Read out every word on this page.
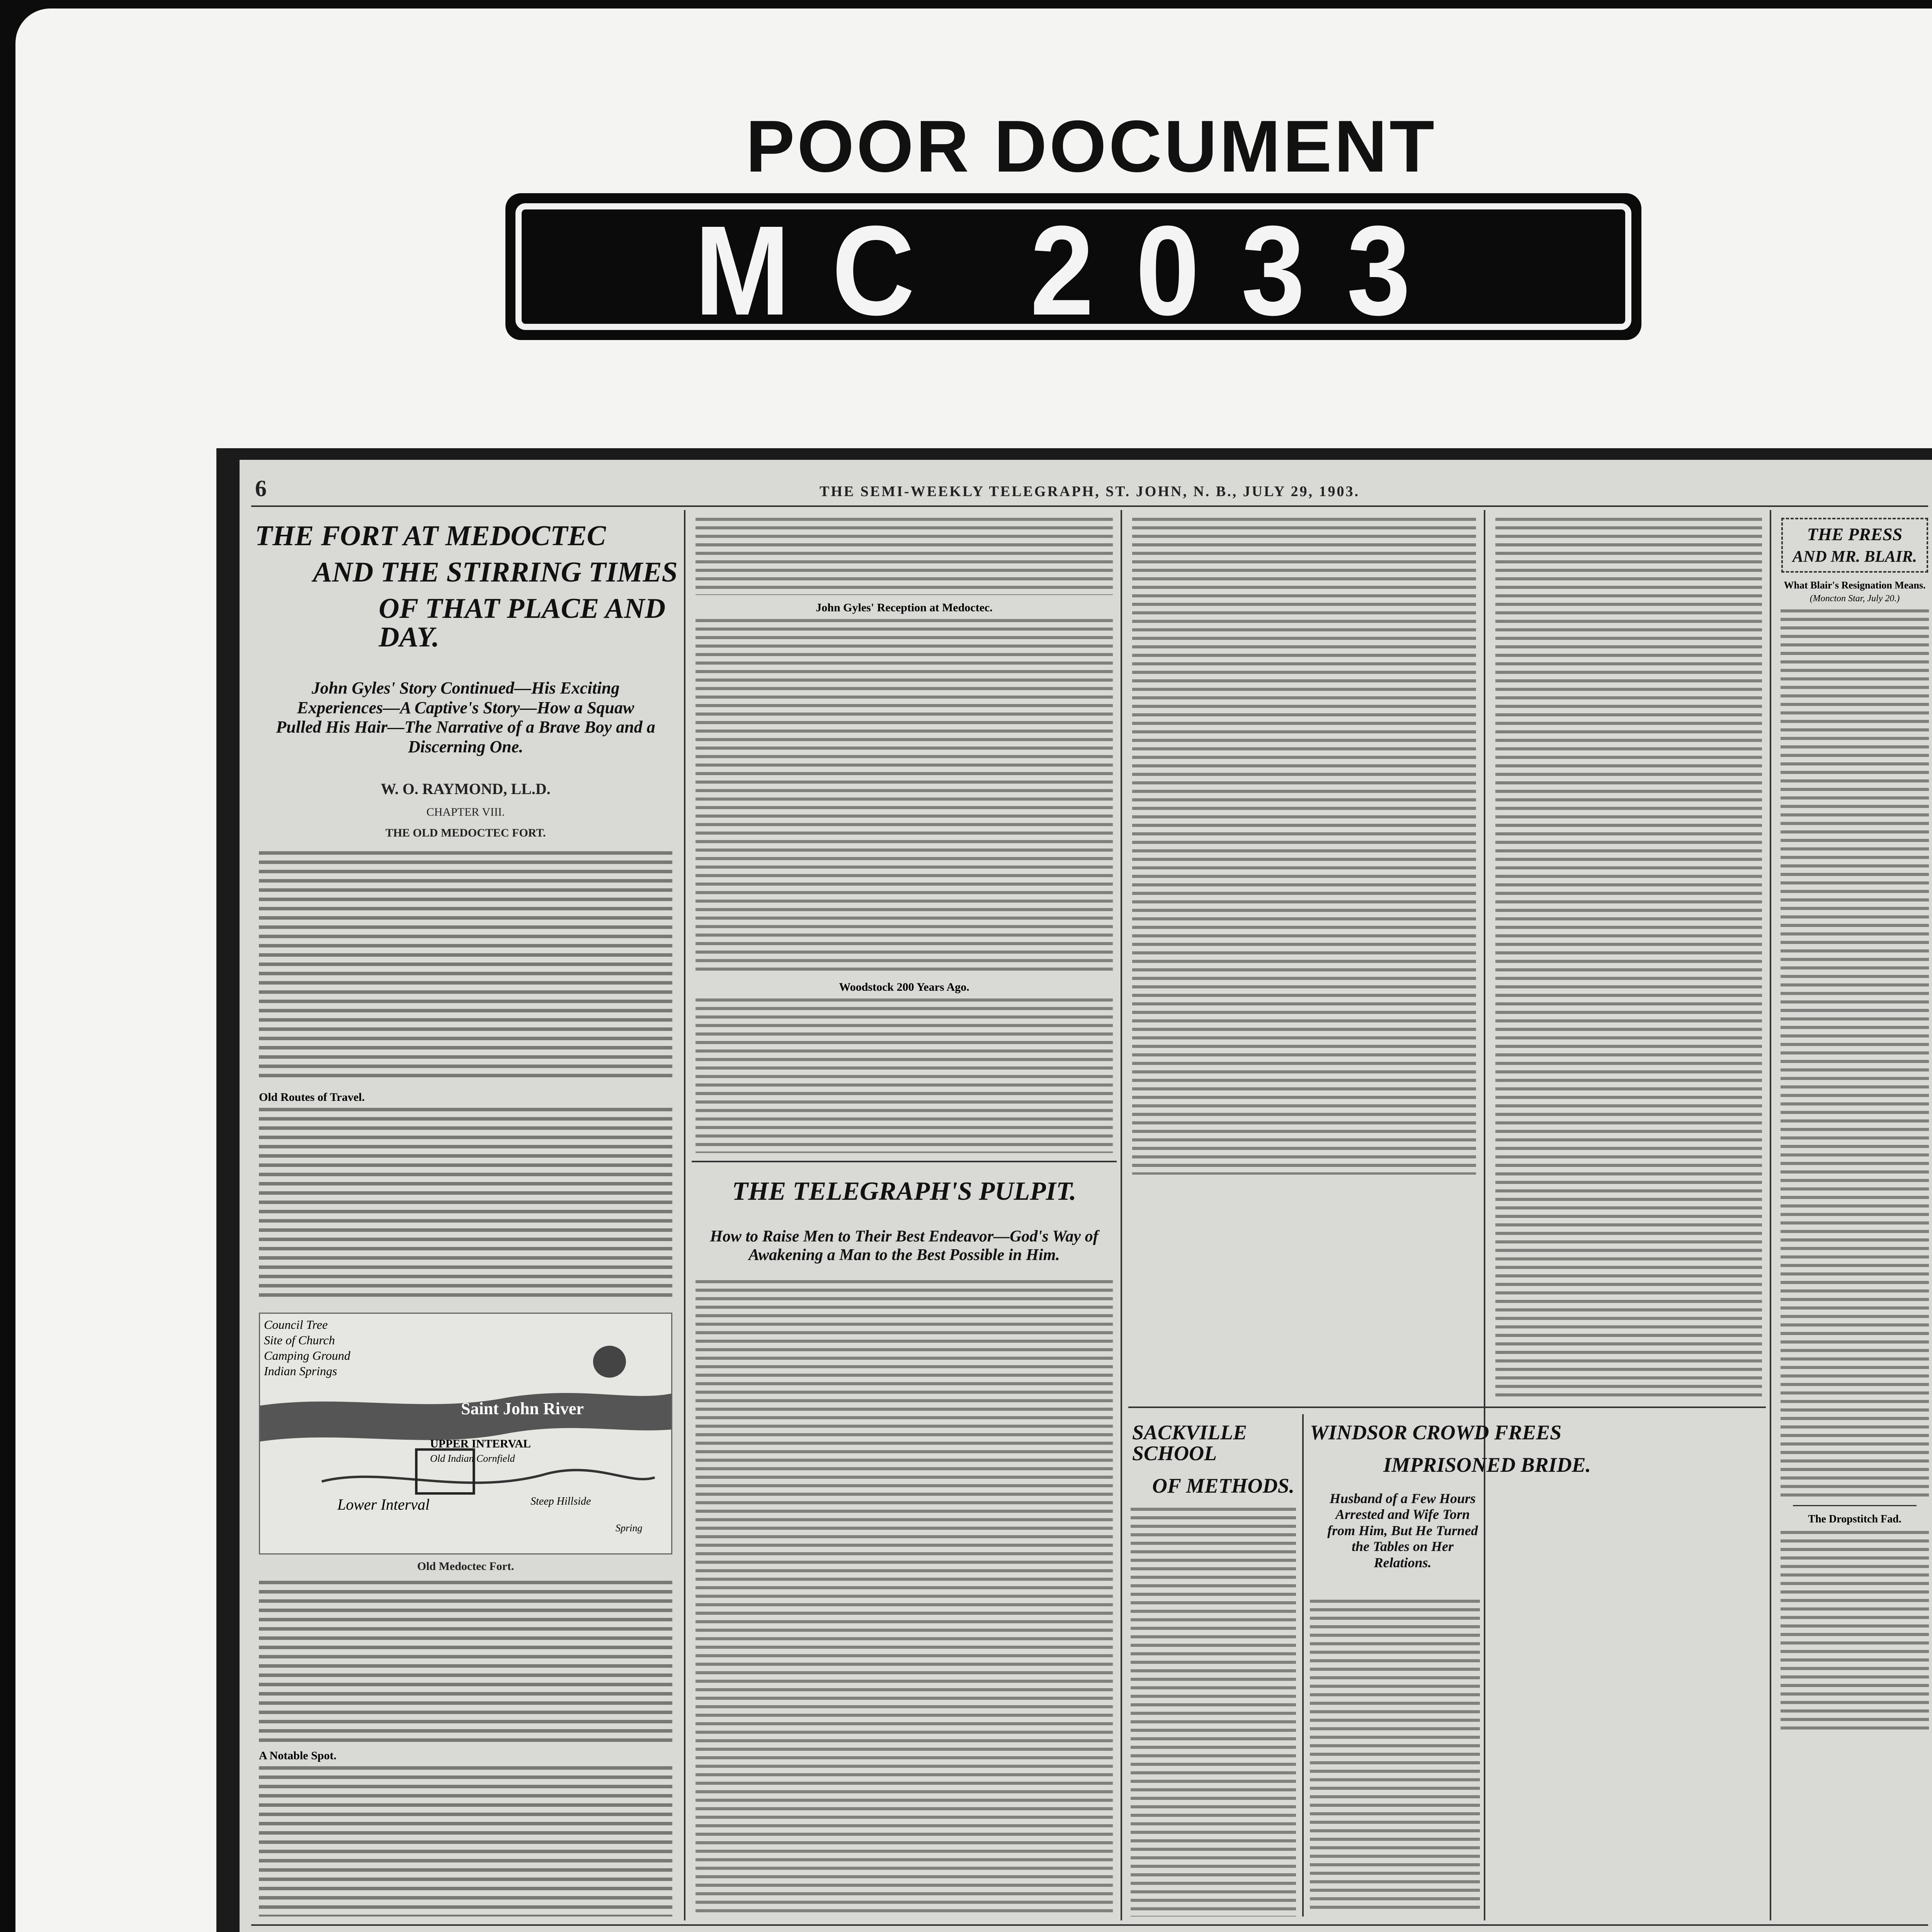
POOR DOCUMENT
MC 2033
6	THE SEMI-WEEKLY TELEGRAPH, ST. JOHN, N. B., JULY 29, 1903.
THE FORT AT MEDOCTEC
AND THE STIRRING TIMES
OF THAT PLACE AND DAY.
John Gyles' Story Continued—His Exciting Experiences—A Captive's Story—How a Squaw Pulled His Hair—The Narrative of a Brave Boy and a Discerning One.
W. O. RAYMOND, LL.D.
CHAPTER VIII.
THE OLD MEDOCTEC FORT.
Old Routes of Travel.
Council Tree
Site of Church
Camping Ground
Indian Springs
Saint John River
UPPER INTERVAL
Old Indian Cornfield
Lower Interval	Steep Hillside
Spring
Old Medoctec Fort.
A Notable Spot.
John Gyles' Reception at Medoctec.
Woodstock 200 Years Ago.
THE TELEGRAPH'S PULPIT.
How to Raise Men to Their Best Endeavor—God's Way of Awakening a Man to the Best Possible in Him.
SACKVILLE SCHOOL
OF METHODS.
WINDSOR CROWD FREES
IMPRISONED BRIDE.
Husband of a Few Hours Arrested and Wife Torn from Him, But He Turned the Tables on Her Relations.
THE PRESS
AND MR. BLAIR.
What Blair's Resignation Means.
(Moncton Star, July 20.)
The Dropstitch Fad.
